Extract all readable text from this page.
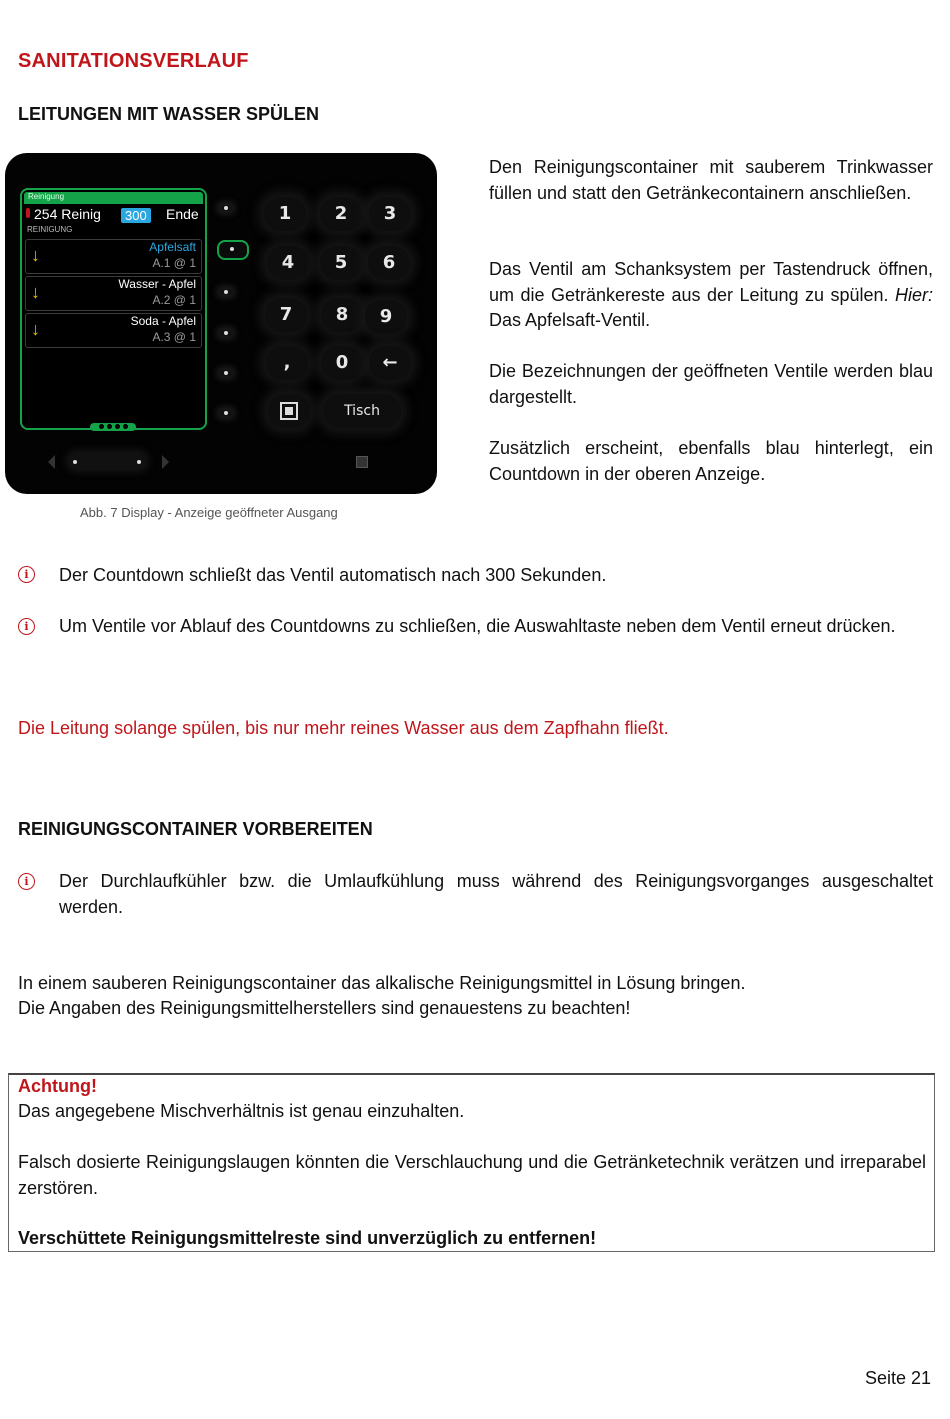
SANITATIONSVERLAUF
LEITUNGEN MIT WASSER SPÜLEN
Reinigung
254 Reinig	300 Ende
REINIGUNG
↓	Apfelsaft
A.1 @ 1
↓	Wasser - Apfel
A.2 @ 1
↓	Soda - Apfel
A.3 @ 1
1	2	3
4	5	6
7	8	9
,	0	←
Tisch
Abb. 7 Display - Anzeige geöffneter Ausgang
Den Reinigungscontainer mit sauberem Trinkwasser füllen und statt den Getränkecontainern anschließen.
Das Ventil am Schanksystem per Tastendruck öffnen, um die Getränkereste aus der Leitung zu spülen. Hier: Das Apfelsaft-Ventil.
Die Bezeichnungen der geöffneten Ventile werden blau dargestellt.
Zusätzlich erscheint, ebenfalls blau hinterlegt, ein Countdown in der oberen Anzeige.
i	Der Countdown schließt das Ventil automatisch nach 300 Sekunden.
i	Um Ventile vor Ablauf des Countdowns zu schließen, die Auswahltaste neben dem Ventil erneut drücken.
Die Leitung solange spülen, bis nur mehr reines Wasser aus dem Zapfhahn fließt.
REINIGUNGSCONTAINER VORBEREITEN
i	Der Durchlaufkühler bzw. die Umlaufkühlung muss während des Reinigungsvorganges ausgeschaltet werden.
In einem sauberen Reinigungscontainer das alkalische Reinigungsmittel in Lösung bringen.
Die Angaben des Reinigungsmittelherstellers sind genauestens zu beachten!
Achtung!
Das angegebene Mischverhältnis ist genau einzuhalten.
Falsch dosierte Reinigungslaugen könnten die Verschlauchung und die Getränketechnik verätzen und irreparabel zerstören.
Verschüttete Reinigungsmittelreste sind unverzüglich zu entfernen!
Seite 21
